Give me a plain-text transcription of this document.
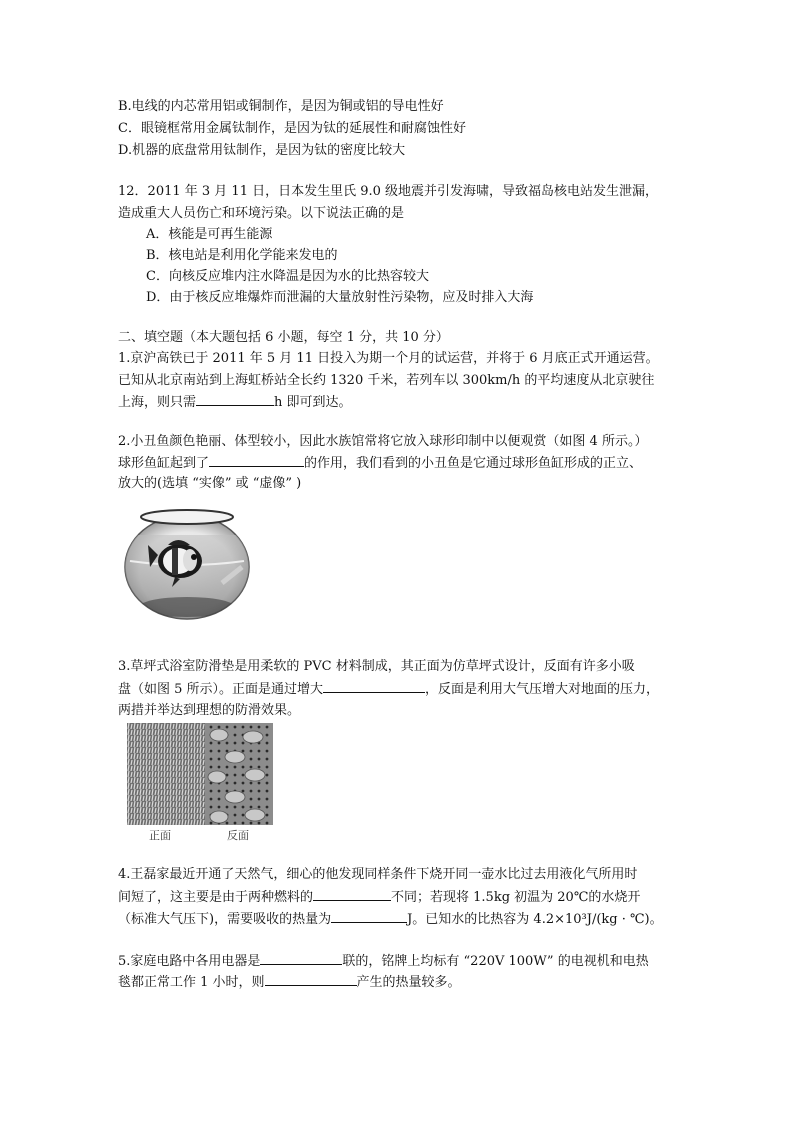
B.电线的内芯常用铝或铜制作，是因为铜或铝的导电性好
C．眼镜框常用金属钛制作，是因为钛的延展性和耐腐蚀性好
D.机器的底盘常用钛制作，是因为钛的密度比较大
12．2011 年 3 月 11 日，日本发生里氏 9.0 级地震并引发海啸，导致福岛核电站发生泄漏，
造成重大人员伤亡和环境污染。以下说法正确的是
A．核能是可再生能源
B．核电站是利用化学能来发电的
C．向核反应堆内注水降温是因为水的比热容较大
D．由于核反应堆爆炸而泄漏的大量放射性污染物，应及时排入大海
二、填空题（本大题包括 6 小题，每空 1 分，共 10 分）
1.京沪高铁已于 2011 年 5 月 11 日投入为期一个月的试运营，并将于 6 月底正式开通运营。
已知从北京南站到上海虹桥站全长约 1320 千米，若列车以 300km/h 的平均速度从北京驶往
上海，则只需	h 即可到达。
2.小丑鱼颜色艳丽、体型较小，因此水族馆常将它放入球形印制中以便观赏（如图 4 所示。）
球形鱼缸起到了	的作用，我们看到的小丑鱼是它通过球形鱼缸形成的正立、
放大的(选填 “实像” 或 “虚像” )
3.草坪式浴室防滑垫是用柔软的 PVC 材料制成，其正面为仿草坪式设计，反面有许多小吸
盘（如图 5 所示）。正面是通过增大	，反面是利用大气压增大对地面的压力，
两措并举达到理想的防滑效果。
正面	反面
4.王磊家最近开通了天然气，细心的他发现同样条件下烧开同一壶水比过去用液化气所用时
间短了，这主要是由于两种燃料的	不同；若现将 1.5kg 初温为 20℃的水烧开
（标准大气压下)，需要吸收的热量为	J。已知水的比热容为 4.2×10³J/(kg · ℃)。
5.家庭电路中各用电器是	联的，铭牌上均标有 “220V 100W” 的电视机和电热
毯都正常工作 1 小时，则	产生的热量较多。
